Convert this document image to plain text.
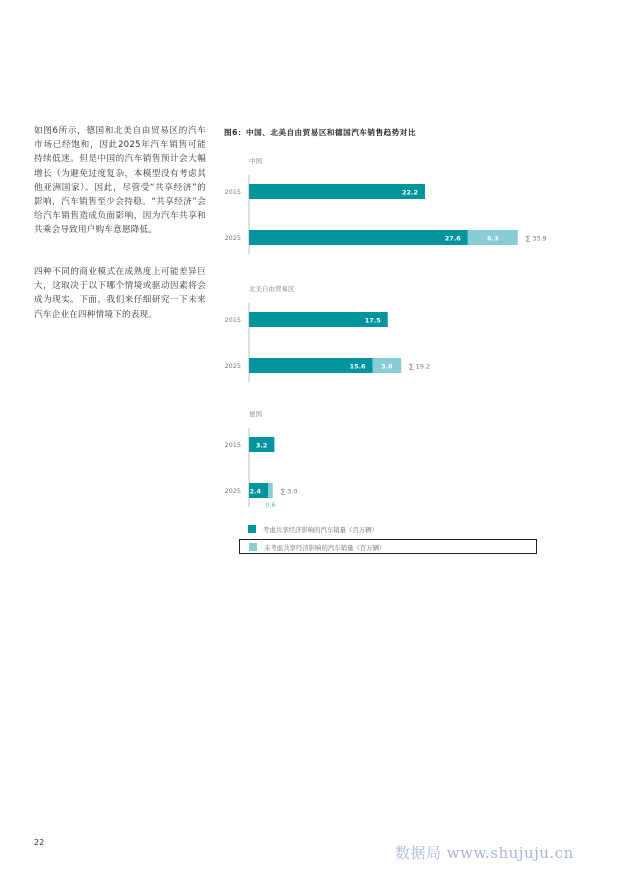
如图6所示，德国和北美自由贸易区的汽车市场已经饱和，因此2025年汽车销售可能持续低迷。但是中国的汽车销售预计会大幅增长（为避免过度复杂，本模型没有考虑其他亚洲国家）。因此，尽管受“共享经济”的影响，汽车销售至少会持稳。“共享经济”会给汽车销售造成负面影响，因为汽车共享和共乘会导致用户购车意愿降低。
四种不同的商业模式在成熟度上可能差异巨大，这取决于以下哪个情境或驱动因素将会成为现实。下面，我们来仔细研究一下未来汽车企业在四种情境下的表现。
图6：中国、北美自由贸易区和德国汽车销售趋势对比
中国
2015	22.2
2025	27.6	6.3	∑ 33.9
北美自由贸易区
2015	17.5
2025	15.6 3.6	∑ 19.2
德国
2015 3.2
2025 2.4
0.6
∑ 3.0
考虑共享经济影响的汽车销量（百万辆）
未考虑共享经济影响的汽车销量（百万辆）
22
数据局 www.shujuju.cn
